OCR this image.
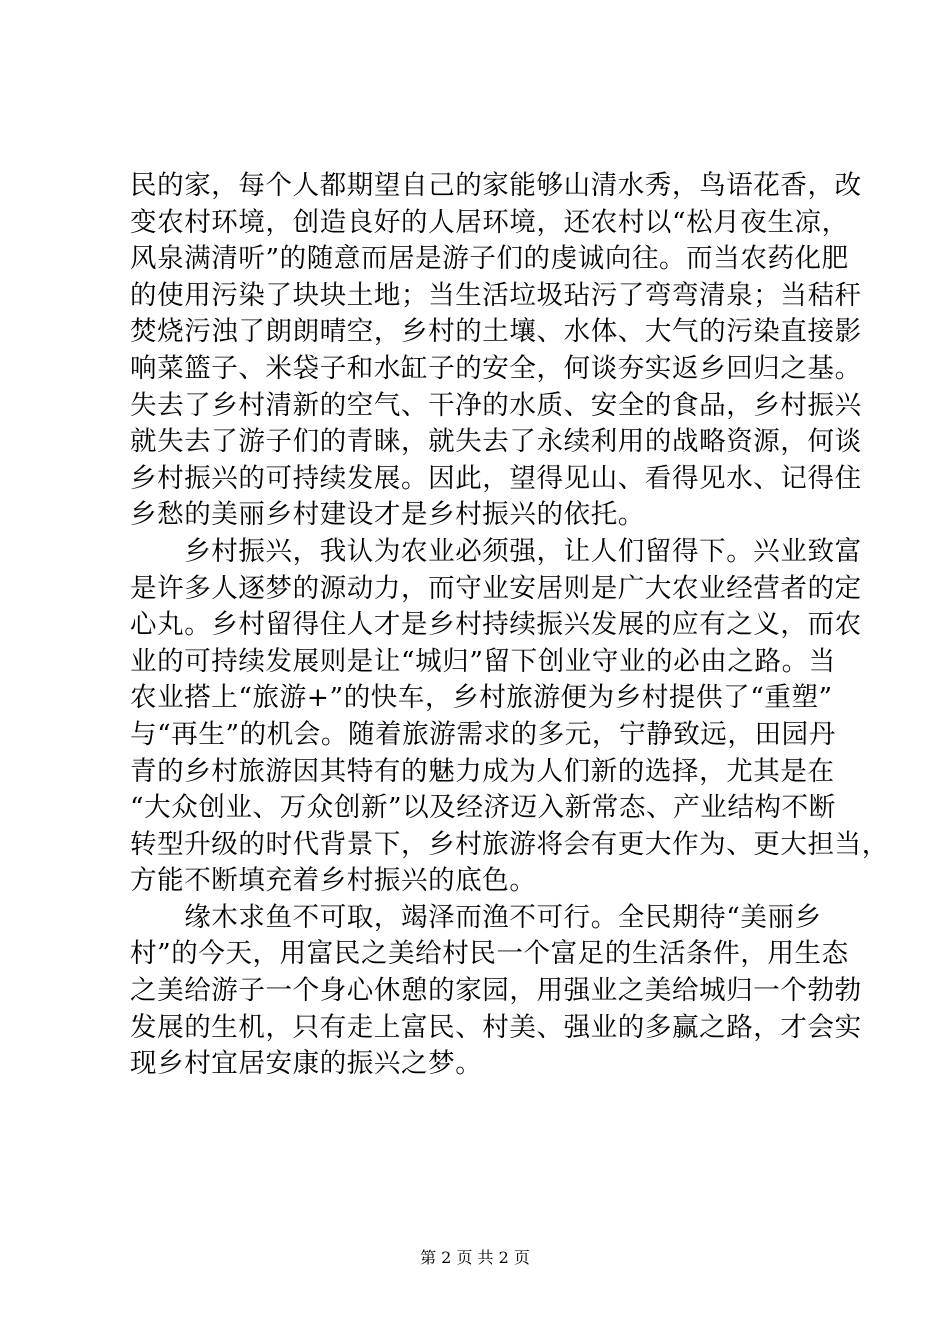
民的家，每个人都期望自己的家能够山清水秀，鸟语花香，改
变农村环境，创造良好的人居环境，还农村以“松月夜生凉，
风泉满清听”的随意而居是游子们的虔诚向往。而当农药化肥
的使用污染了块块土地；当生活垃圾玷污了弯弯清泉；当秸秆
焚烧污浊了朗朗晴空，乡村的土壤、水体、大气的污染直接影
响菜篮子、米袋子和水缸子的安全，何谈夯实返乡回归之基。
失去了乡村清新的空气、干净的水质、安全的食品，乡村振兴
就失去了游子们的青睐，就失去了永续利用的战略资源，何谈
乡村振兴的可持续发展。因此，望得见山、看得见水、记得住
乡愁的美丽乡村建设才是乡村振兴的依托。

　　乡村振兴，我认为农业必须强，让人们留得下。兴业致富
是许多人逐梦的源动力，而守业安居则是广大农业经营者的定
心丸。乡村留得住人才是乡村持续振兴发展的应有之义，而农
业的可持续发展则是让“城归”留下创业守业的必由之路。当
农业搭上“旅游+”的快车，乡村旅游便为乡村提供了“重塑”
与“再生”的机会。随着旅游需求的多元，宁静致远，田园丹
青的乡村旅游因其特有的魅力成为人们新的选择，尤其是在
“大众创业、万众创新”以及经济迈入新常态、产业结构不断
转型升级的时代背景下，乡村旅游将会有更大作为、更大担当，
方能不断填充着乡村振兴的底色。

　　缘木求鱼不可取，竭泽而渔不可行。全民期待“美丽乡
村”的今天，用富民之美给村民一个富足的生活条件，用生态
之美给游子一个身心休憩的家园，用强业之美给城归一个勃勃
发展的生机，只有走上富民、村美、强业的多赢之路，才会实
现乡村宜居安康的振兴之梦。

第 2 页 共 2 页
